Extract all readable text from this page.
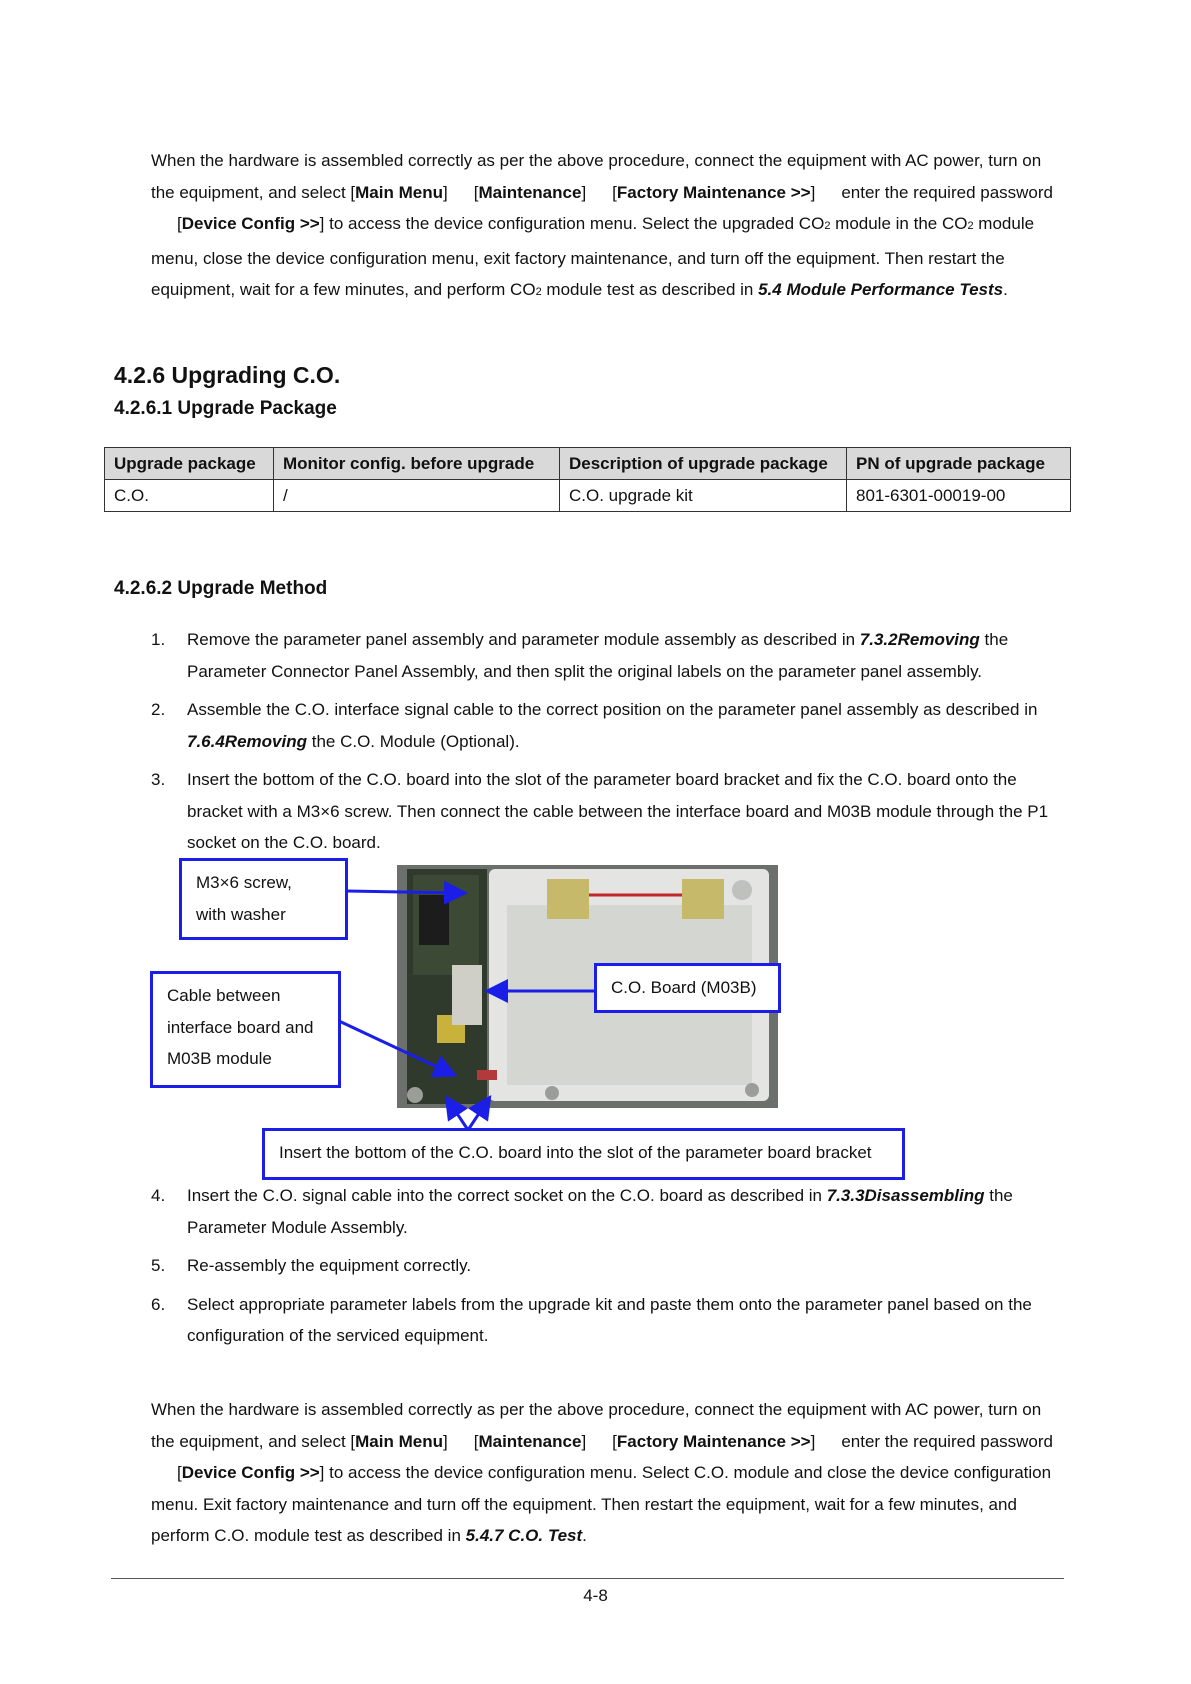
When the hardware is assembled correctly as per the above procedure, connect the equipment with AC power, turn on the equipment, and select [Main Menu] [Maintenance] [Factory Maintenance >>] enter the required password[Device Config >>] to access the device configuration menu. Select the upgraded CO2 module in the CO2 module menu, close the device configuration menu, exit factory maintenance, and turn off the equipment. Then restart the equipment, wait for a few minutes, and perform CO2 module test as described in 5.4 Module Performance Tests.
4.2.6 Upgrading C.O.
4.2.6.1 Upgrade Package
Upgrade package	Monitor config. before upgrade	Description of upgrade package	PN of upgrade package
C.O.	/	C.O. upgrade kit	801-6301-00019-00
4.2.6.2 Upgrade Method
1.	Remove the parameter panel assembly and parameter module assembly as described in 7.3.2Removing the Parameter Connector Panel Assembly, and then split the original labels on the parameter panel assembly.
2.	Assemble the C.O. interface signal cable to the correct position on the parameter panel assembly as described in 7.6.4Removing the C.O. Module (Optional).
3.	Insert the bottom of the C.O. board into the slot of the parameter board bracket and fix the C.O. board onto the bracket with a M3×6 screw. Then connect the cable between the interface board and M03B module through the P1 socket on the C.O. board.
M3×6 screw,
with washer
Cable between
interface board and
M03B module
C.O. Board (M03B)
Insert the bottom of the C.O. board into the slot of the parameter board bracket
4.	Insert the C.O. signal cable into the correct socket on the C.O. board as described in 7.3.3Disassembling the Parameter Module Assembly.
5.	Re-assembly the equipment correctly.
6.	Select appropriate parameter labels from the upgrade kit and paste them onto the parameter panel based on the configuration of the serviced equipment.
When the hardware is assembled correctly as per the above procedure, connect the equipment with AC power, turn on the equipment, and select [Main Menu] [Maintenance] [Factory Maintenance >>] enter the required password[Device Config >>] to access the device configuration menu. Select C.O. module and close the device configuration menu. Exit factory maintenance and turn off the equipment. Then restart the equipment, wait for a few minutes, and perform C.O. module test as described in 5.4.7 C.O. Test.
4-8
